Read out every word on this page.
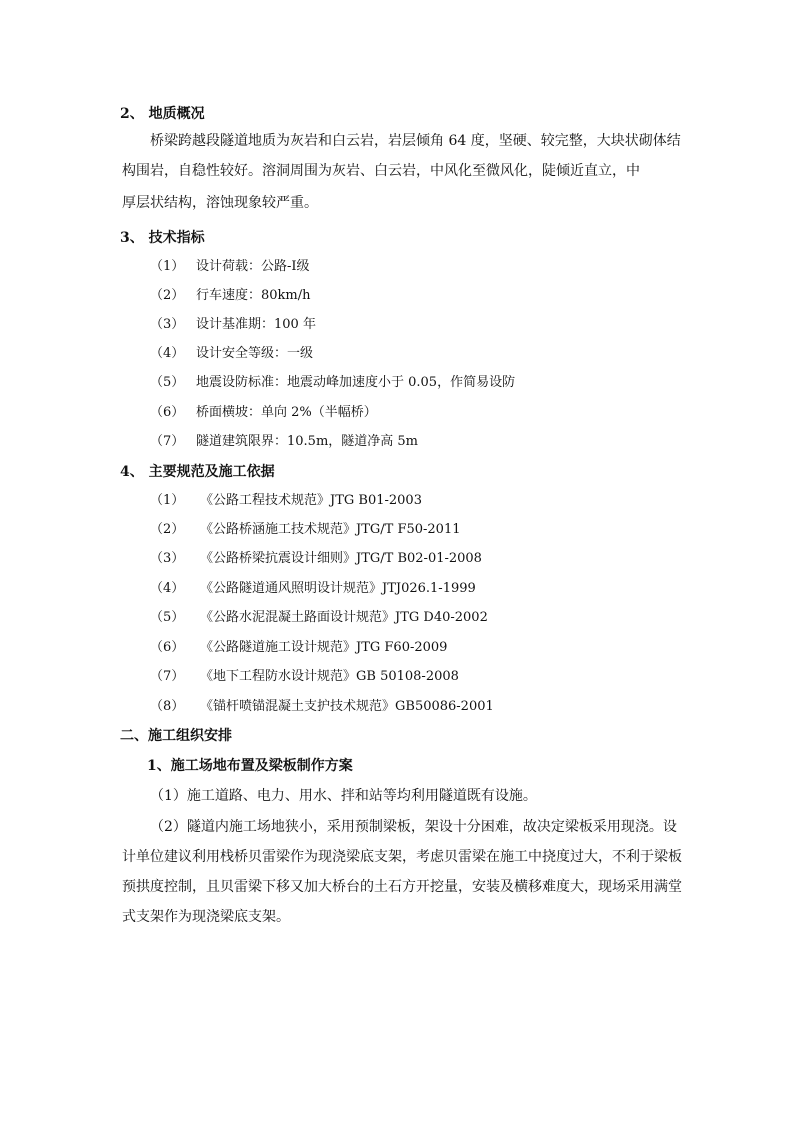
2、 地质概况
桥梁跨越段隧道地质为灰岩和白云岩，岩层倾角 64 度，坚硬、较完整，大块状砌体结
构围岩，自稳性较好。溶洞周围为灰岩、白云岩，中风化至微风化，陡倾近直立，中
厚层状结构，溶蚀现象较严重。
3、 技术指标
（1） 设计荷载：公路-Ⅰ级
（2） 行车速度：80km/h
（3） 设计基准期：100 年
（4） 设计安全等级：一级
（5） 地震设防标准：地震动峰加速度小于 0.05，作简易设防
（6） 桥面横坡：单向 2%（半幅桥）
（7） 隧道建筑限界：10.5m，隧道净高 5m
4、 主要规范及施工依据
（1） 《公路工程技术规范》JTG B01-2003
（2） 《公路桥涵施工技术规范》JTG/T F50-2011
（3） 《公路桥梁抗震设计细则》JTG/T B02-01-2008
（4） 《公路隧道通风照明设计规范》JTJ026.1-1999
（5） 《公路水泥混凝土路面设计规范》JTG D40-2002
（6） 《公路隧道施工设计规范》JTG F60-2009
（7） 《地下工程防水设计规范》GB 50108-2008
（8） 《锚杆喷锚混凝土支护技术规范》GB50086-2001
二、施工组织安排
1、施工场地布置及梁板制作方案
（1）施工道路、电力、用水、拌和站等均利用隧道既有设施。
（2）隧道内施工场地狭小，采用预制梁板，架设十分困难，故决定梁板采用现浇。设
计单位建议利用栈桥贝雷梁作为现浇梁底支架，考虑贝雷梁在施工中挠度过大，不利于梁板
预拱度控制，且贝雷梁下移又加大桥台的土石方开挖量，安装及横移难度大，现场采用满堂
式支架作为现浇梁底支架。
